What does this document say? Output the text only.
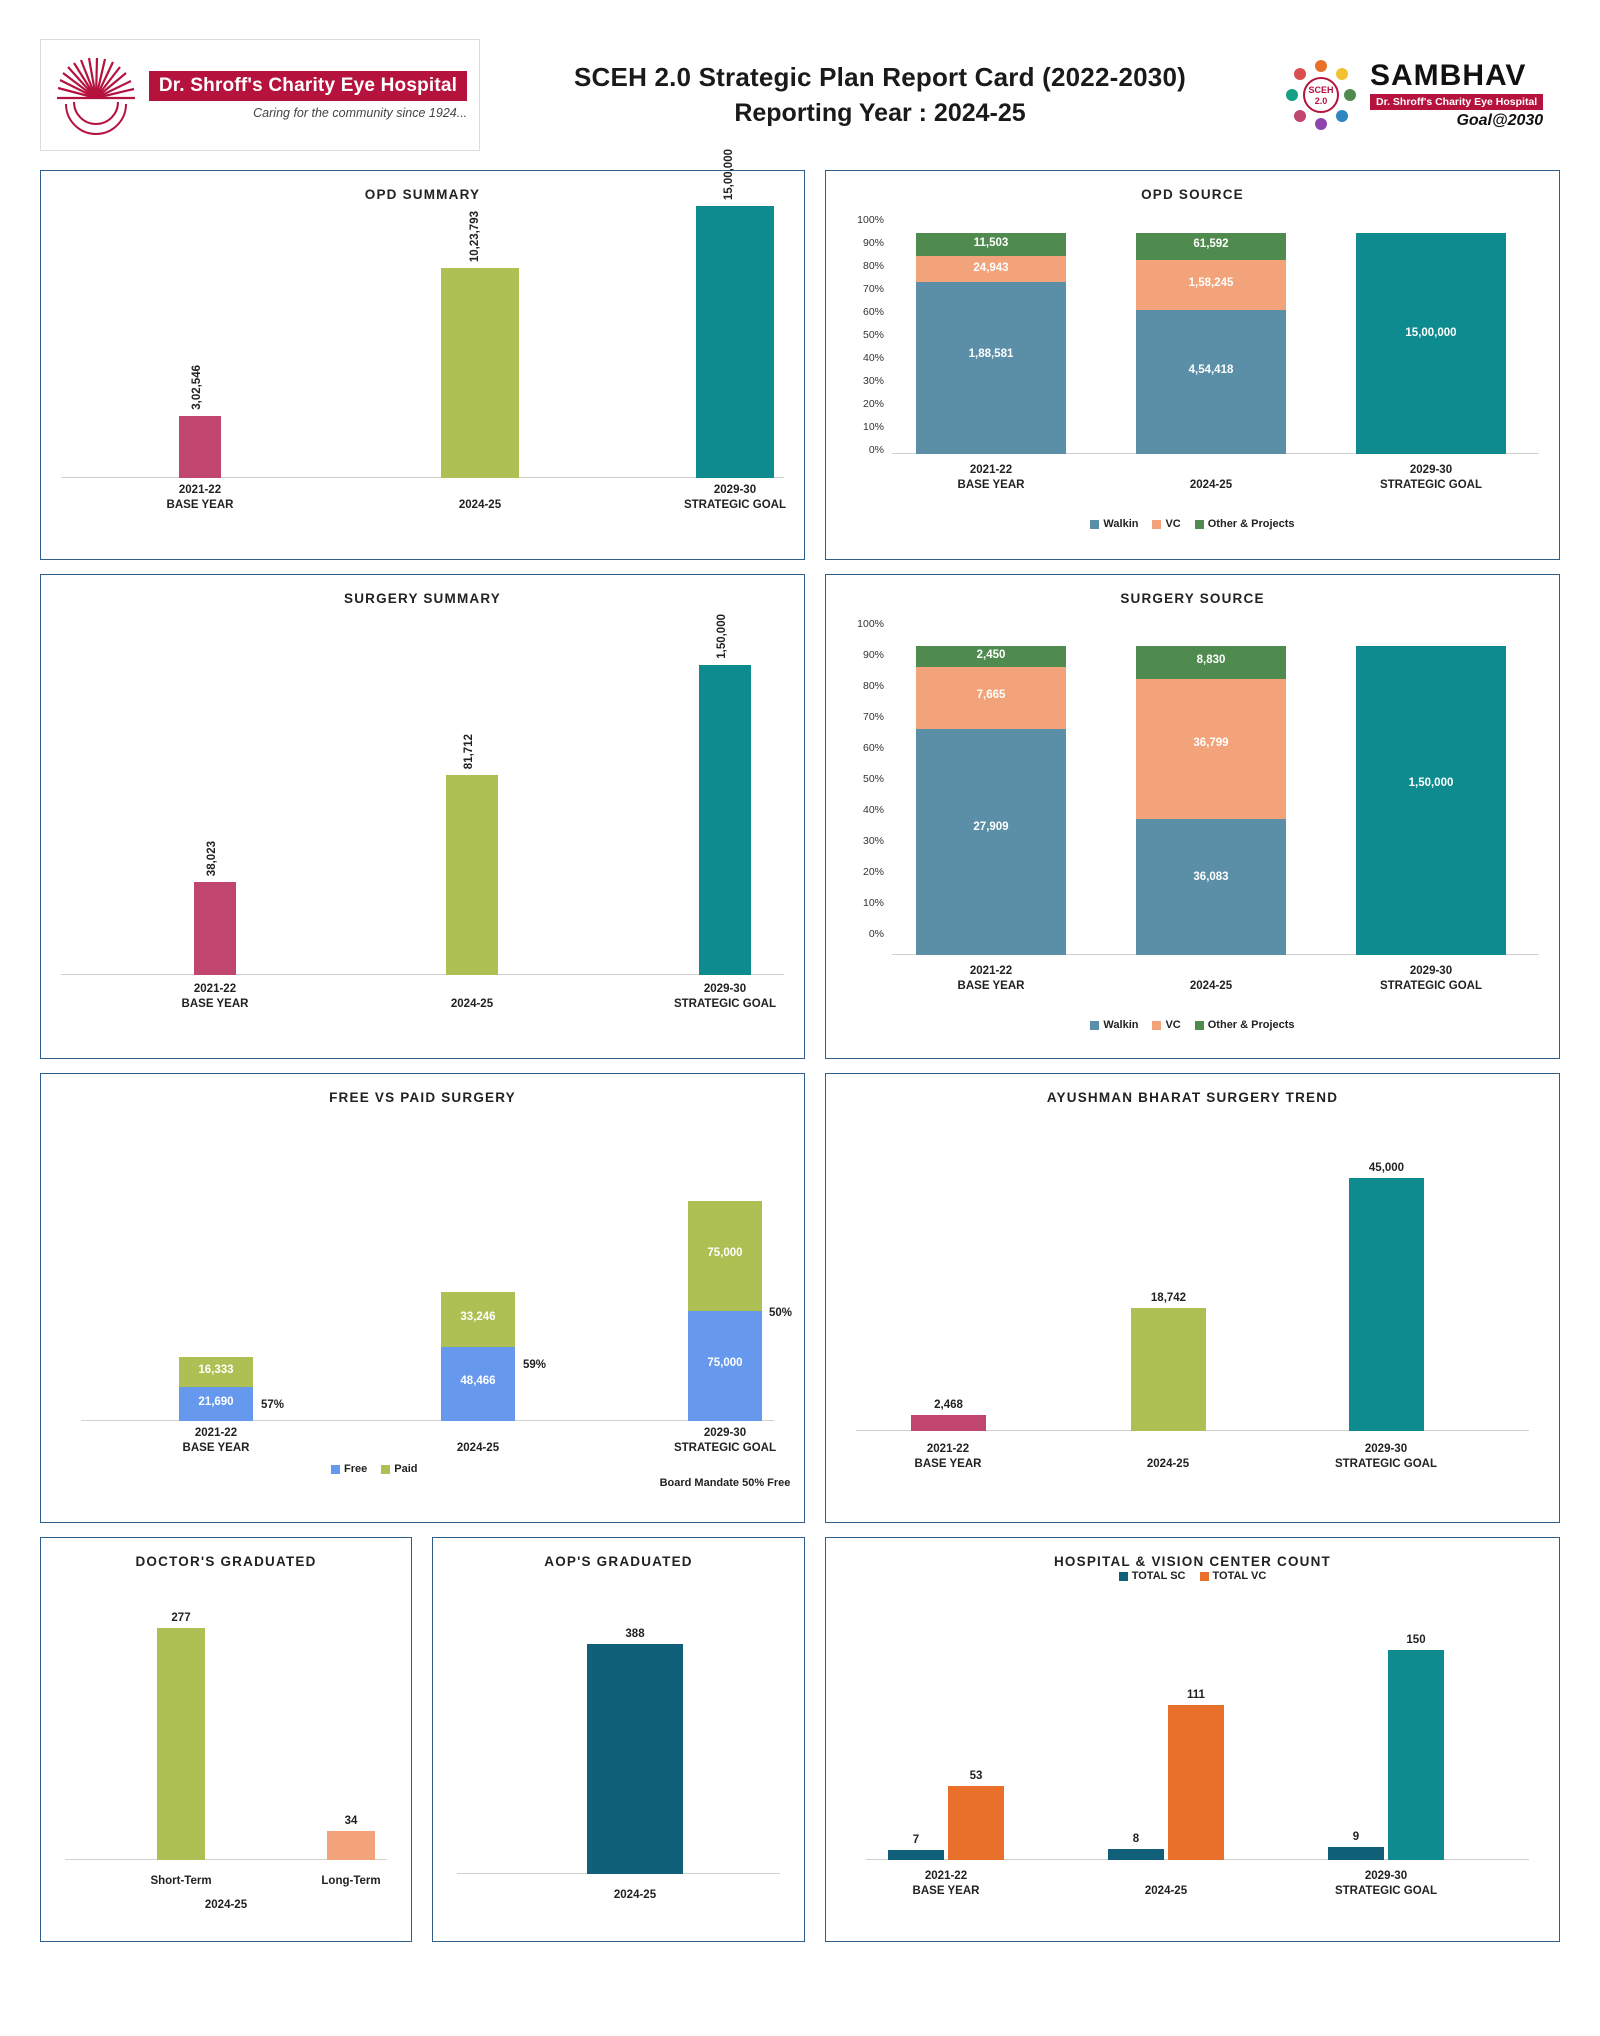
Dr. Shroff's Charity Eye Hospital
Caring for the community since 1924...
SCEH 2.0 Strategic Plan Report Card (2022-2030)
Reporting Year : 2024-25
SCEH
2.0
SAMBHAV
Dr. Shroff's Charity Eye Hospital
Goal@2030
OPD SUMMARY
3,02,546
10,23,793
15,00,000
2021-22
BASE YEAR	2024-25
2029-30
STRATEGIC GOAL
OPD SOURCE
100%
90%
80%
70%
60%
50%
40%
30%
20%
10%
0%
1,88,581
24,943
11,503
4,54,418
1,58,245
61,592
15,00,000
2021-22
BASE YEAR	2024-25
2029-30
STRATEGIC GOAL
Walkin VC Other & Projects
SURGERY SUMMARY
38,023
81,712
1,50,000
2021-22
BASE YEAR	2024-25
2029-30
STRATEGIC GOAL
SURGERY SOURCE
100%
90%
80%
70%
60%
50%
40%
30%
20%
10%
0%
27,909
7,665
2,450
36,083
36,799
8,830
1,50,000
2021-22
BASE YEAR	2024-25
2029-30
STRATEGIC GOAL
Walkin VC Other & Projects
FREE VS PAID SURGERY
21,690
16,333
57%
48,466
33,246
59%	75,000
75,000
50%
2021-22
BASE YEAR	2024-25
2029-30
STRATEGIC GOAL
Board Mandate 50% Free
Free Paid
AYUSHMAN BHARAT SURGERY TREND
2,468
18,742
45,000
2021-22
BASE YEAR	2024-25
2029-30
STRATEGIC GOAL
DOCTOR'S GRADUATED
277
34
Short-Term	Long-Term
2024-25
AOP'S GRADUATED
388
2024-25
HOSPITAL & VISION CENTER COUNT
TOTAL SC TOTAL VC
7
53
8
111
9
150
2021-22
BASE YEAR	2024-25
2029-30
STRATEGIC GOAL
